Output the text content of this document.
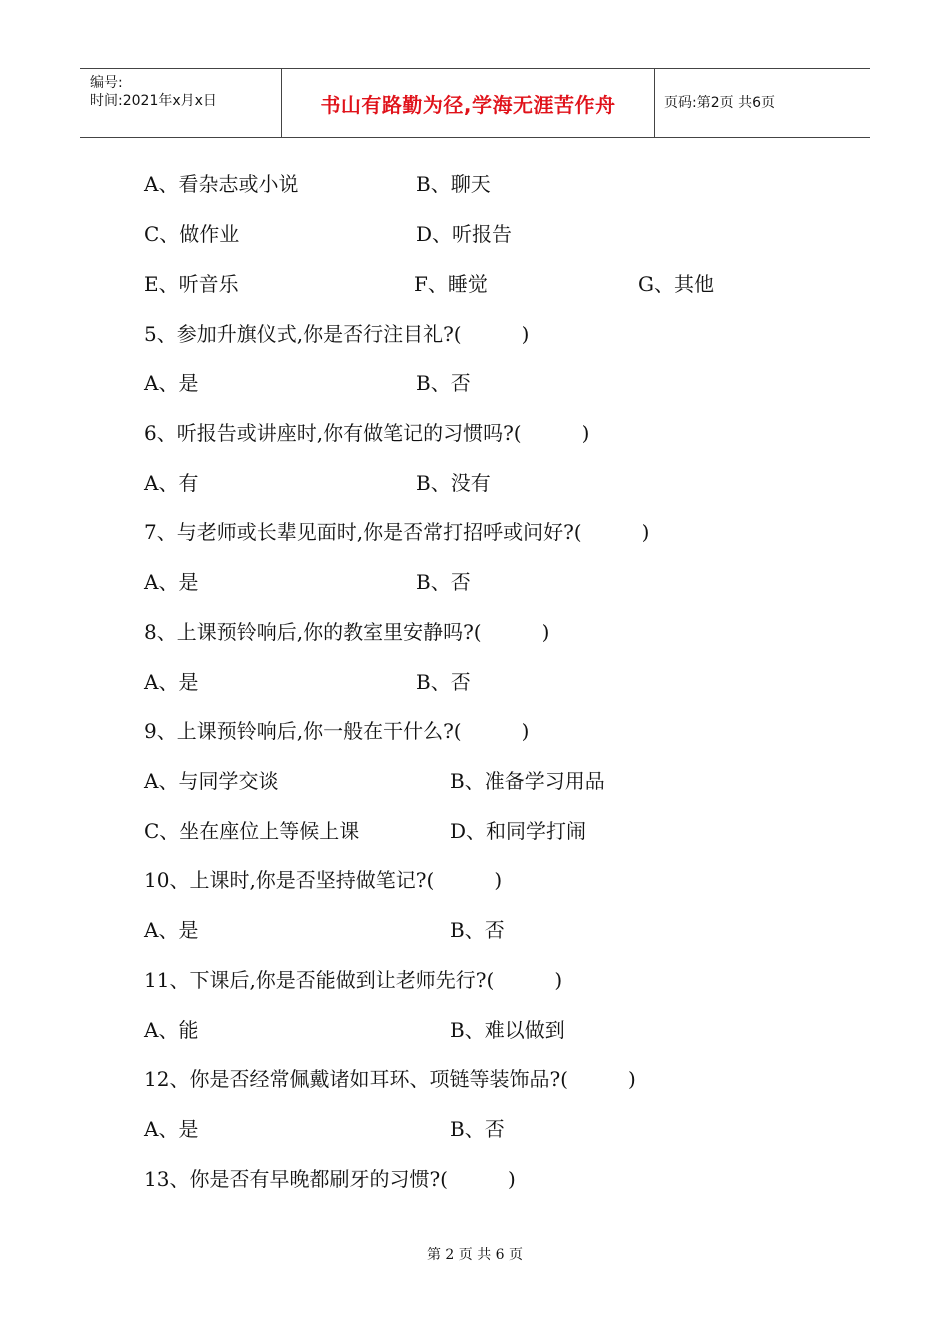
编号:
时间:2021年x月x日	书山有路勤为径,学海无涯苦作舟	页码:第2页 共6页
A、看杂志或小说	B、聊天
C、做作业	D、听报告
E、听音乐	F、睡觉	G、其他
5、参加升旗仪式,你是否行注目礼?(　　　)
A、是	B、否
6、听报告或讲座时,你有做笔记的习惯吗?(　　　)
A、有	B、没有
7、与老师或长辈见面时,你是否常打招呼或问好?(　　　)
A、是	B、否
8、上课预铃响后,你的教室里安静吗?(　　　)
A、是	B、否
9、上课预铃响后,你一般在干什么?(　　　)
A、与同学交谈	B、准备学习用品
C、坐在座位上等候上课	D、和同学打闹
10、上课时,你是否坚持做笔记?(　　　)
A、是	B、否
11、下课后,你是否能做到让老师先行?(　　　)
A、能	B、难以做到
12、你是否经常佩戴诸如耳环、项链等装饰品?(　　　)
A、是	B、否
13、你是否有早晚都刷牙的习惯?(　　　)
第 2 页 共 6 页
